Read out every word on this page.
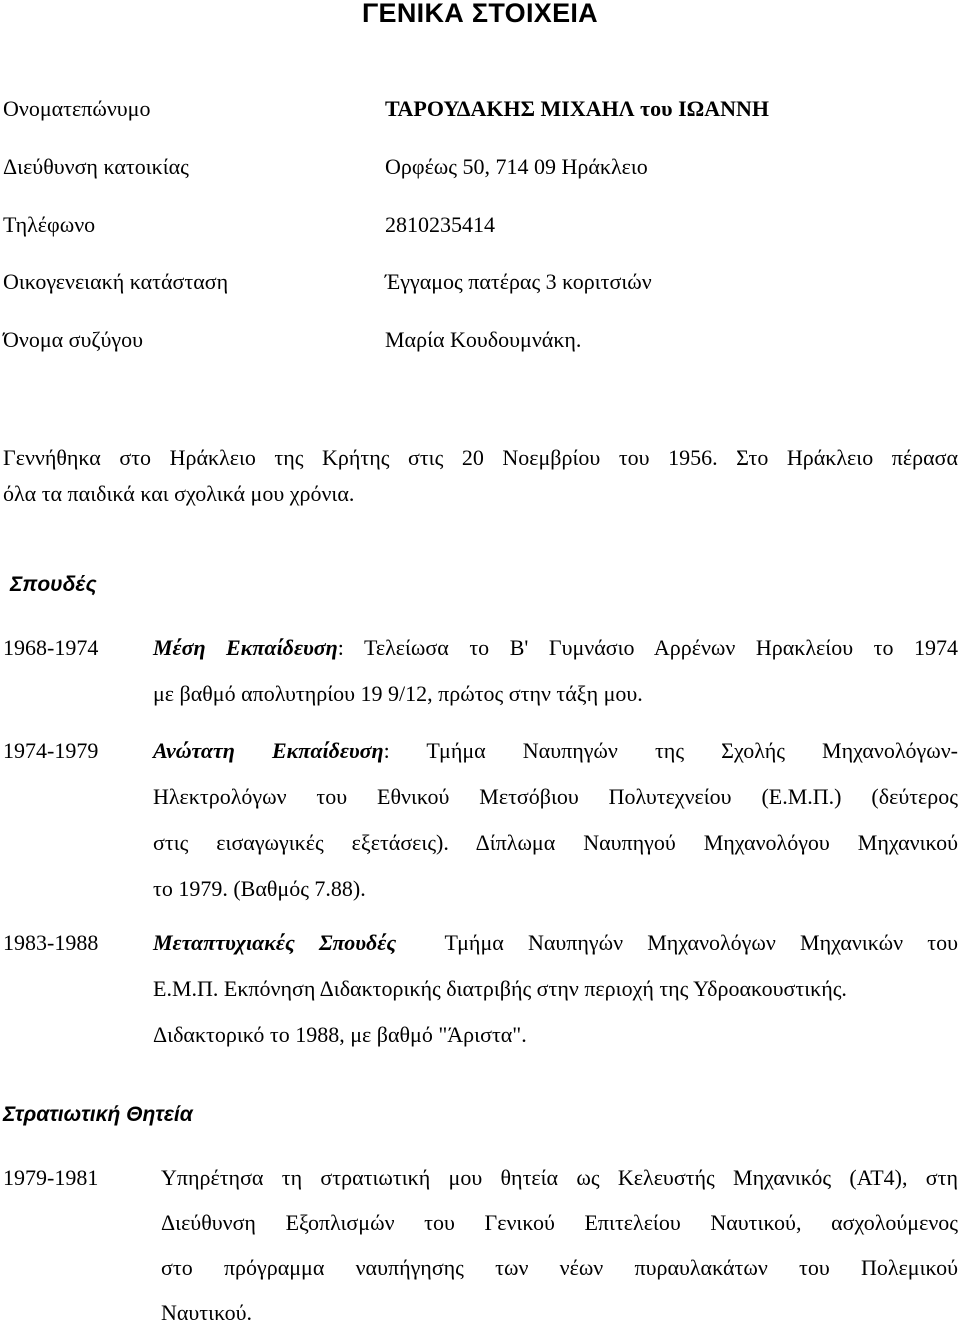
ΓΕΝΙΚΑ ΣΤΟΙΧΕΙΑ
Ονοματεπώνυμο	ΤΑΡΟΥΔΑΚΗΣ ΜΙΧΑΗΛ του ΙΩΑΝΝΗ
Διεύθυνση κατοικίας	Ορφέως 50, 714 09 Ηράκλειο
Τηλέφωνο	2810235414
Οικογενειακή κατάσταση	Έγγαμος πατέρας 3 κοριτσιών
Όνομα συζύγου	Μαρία Κουδουμνάκη.
Γεννήθηκα στο Ηράκλειο της Κρήτης στις 20 Νοεμβρίου του 1956. Στο Ηράκλειο πέρασα
όλα τα παιδικά και σχολικά μου χρόνια.
Σπουδές
1968-1974 Μέση Εκπαίδευση: Τελείωσα το Β' Γυμνάσιο Αρρένων Ηρακλείου το 1974
με βαθμό απολυτηρίου 19 9/12, πρώτος στην τάξη μου.
1974-1979 Ανώτατη Εκπαίδευση: Τμήμα Ναυπηγών της Σχολής Μηχανολόγων-
Ηλεκτρολόγων του Εθνικού Μετσόβιου Πολυτεχνείου (Ε.Μ.Π.) (δεύτερος
στις εισαγωγικές εξετάσεις). Δίπλωμα Ναυπηγού Μηχανολόγου Μηχανικού
το 1979. (Βαθμός 7.88).
1983-1988 Μεταπτυχιακές Σπουδές Τμήμα Ναυπηγών Μηχανολόγων Μηχανικών του
Ε.Μ.Π. Εκπόνηση Διδακτορικής διατριβής στην περιοχή της Υδροακουστικής.
Διδακτορικό το 1988, με βαθμό "Άριστα".
Στρατιωτική Θητεία
1979-1981	Υπηρέτησα τη στρατιωτική μου θητεία ως Κελευστής Μηχανικός (ΑΤ4), στη
Διεύθυνση Εξοπλισμών του Γενικού Επιτελείου Ναυτικού, ασχολούμενος
στο πρόγραμμα ναυπήγησης των νέων πυραυλακάτων του Πολεμικού
Ναυτικού.
